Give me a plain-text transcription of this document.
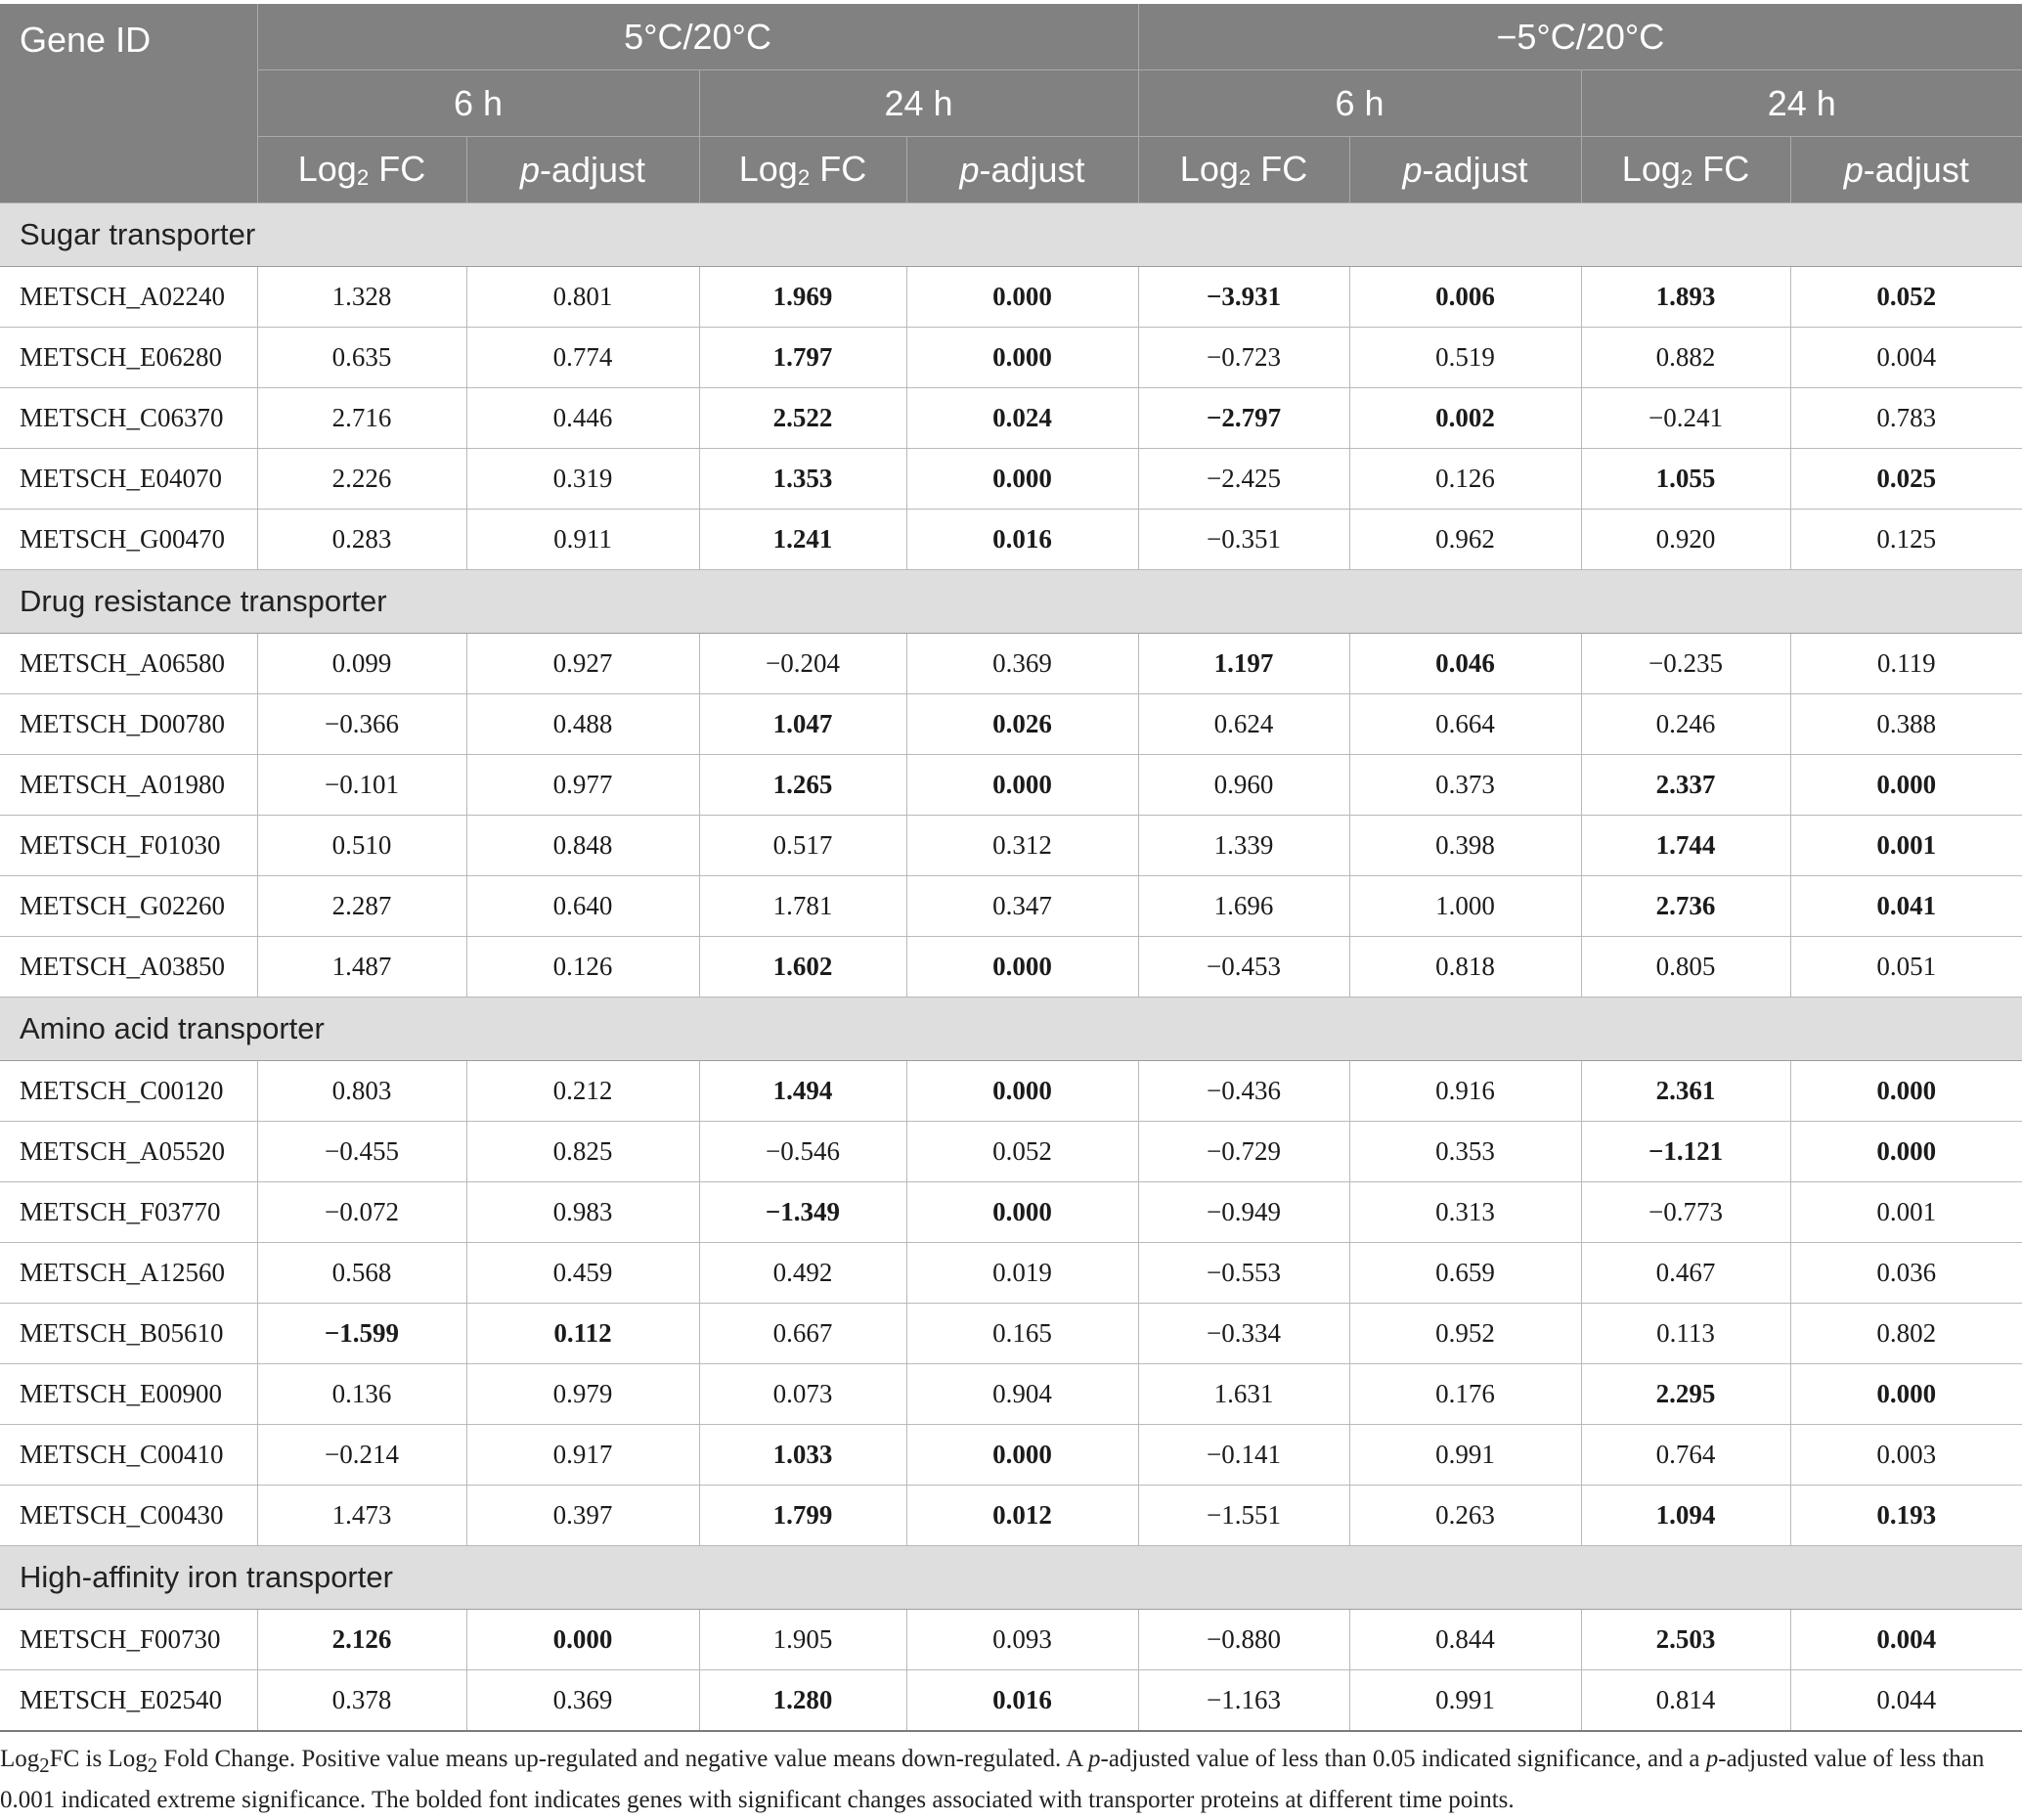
Gene ID	5°C/20°C				−5°C/20°C			
	6 h		24 h		6 h		24 h	
	Log$_2$ FC	p-adjust	Log$_2$ FC	p-adjust	Log$_2$ FC	p-adjust	Log$_2$ FC	p-adjust
Sugar transporter								
METSCH_A02240	1.328	0.801	1.969	0.000	−3.931	0.006	1.893	0.052
METSCH_E06280	0.635	0.774	1.797	0.000	−0.723	0.519	0.882	0.004
METSCH_C06370	2.716	0.446	2.522	0.024	−2.797	0.002	−0.241	0.783
METSCH_E04070	2.226	0.319	1.353	0.000	−2.425	0.126	1.055	0.025
METSCH_G00470	0.283	0.911	1.241	0.016	−0.351	0.962	0.920	0.125
Drug resistance transporter								
METSCH_A06580	0.099	0.927	−0.204	0.369	1.197	0.046	−0.235	0.119
METSCH_D00780	−0.366	0.488	1.047	0.026	0.624	0.664	0.246	0.388
METSCH_A01980	−0.101	0.977	1.265	0.000	0.960	0.373	2.337	0.000
METSCH_F01030	0.510	0.848	0.517	0.312	1.339	0.398	1.744	0.001
METSCH_G02260	2.287	0.640	1.781	0.347	1.696	1.000	2.736	0.041
METSCH_A03850	1.487	0.126	1.602	0.000	−0.453	0.818	0.805	0.051
Amino acid transporter								
METSCH_C00120	0.803	0.212	1.494	0.000	−0.436	0.916	2.361	0.000
METSCH_A05520	−0.455	0.825	−0.546	0.052	−0.729	0.353	−1.121	0.000
METSCH_F03770	−0.072	0.983	−1.349	0.000	−0.949	0.313	−0.773	0.001
METSCH_A12560	0.568	0.459	0.492	0.019	−0.553	0.659	0.467	0.036
METSCH_B05610	−1.599	0.112	0.667	0.165	−0.334	0.952	0.113	0.802
METSCH_E00900	0.136	0.979	0.073	0.904	1.631	0.176	2.295	0.000
METSCH_C00410	−0.214	0.917	1.033	0.000	−0.141	0.991	0.764	0.003
METSCH_C00430	1.473	0.397	1.799	0.012	−1.551	0.263	1.094	0.193
High-affinity iron transporter								
METSCH_F00730	2.126	0.000	1.905	0.093	−0.880	0.844	2.503	0.004
METSCH_E02540	0.378	0.369	1.280	0.016	−1.163	0.991	0.814	0.044

Log$_2$FC is Log$_2$ Fold Change. Positive value means up-regulated and negative value means down-regulated. A p-adjusted value of less than 0.05 indicated significance, and a p-adjusted value of less than 0.001 indicated extreme significance. The bolded font indicates genes with significant changes associated with transporter proteins at different time points.
